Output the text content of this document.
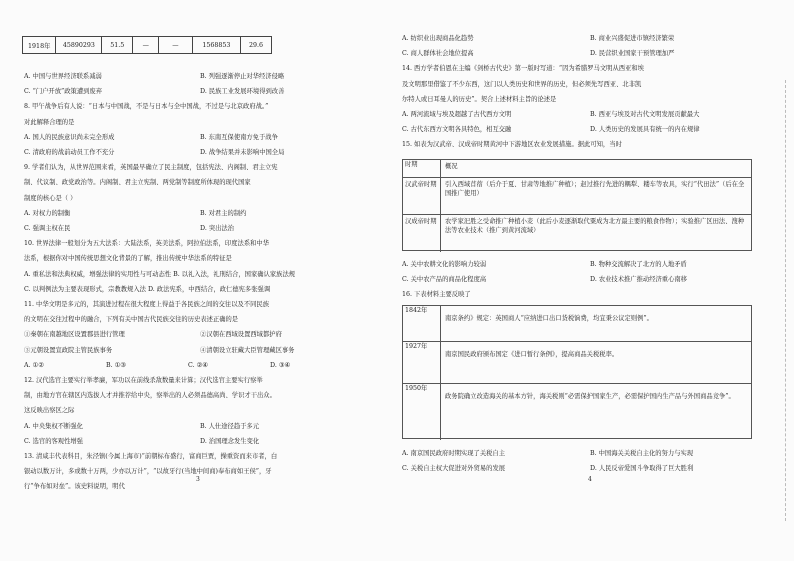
1918年	45890293	51.5	—	—	1568853	29.6
A. 中国与世界经济联系减弱	B. 列强逐渐停止对华经济侵略
C. “门户开放”政策遭到废弃	D. 民族工业发展环境得到改善
8. 甲午战争后有人说：“日本与中国战，不是与日本与全中国战，不过是与北京政府战。”
对此解释合理的是
A. 国人的民族意识尚未完全形成	B. 东南互保使南方免于战争
C. 清政府的战前动员工作不充分	D. 战争结果并未影响中国全局
9. 学者们认为，从世界范围来看，英国最早确立了民主制度，包括宪法、内阁制、君主立宪
制、代议制、政党政治等。内阁制、君主立宪制、两党制等制度所体现的现代国家
制度的核心是（ ）
A. 对权力的制衡	B. 对君主的制约
C. 强调主权在民	D. 突出法治
10. 世界法律一般划分为五大法系：大陆法系，英美法系，阿拉伯法系，印度法系和中华
法系，根据你对中国传统思想文化背景的了解，推出传统中华法系的特征是
A. 重私法和法典权威，增强法律的实用性与可动态性 B. 以礼入法，礼刑结合，国家确认家族法规
C. 以判例法为主要表现形式，宗教教规入法 D. 政法宪系，中西结合，政仁德宪多张强调
11. 中华文明是多元的，其演进过程在很大程度上得益于各民族之间的交往以及不同民族
的文明在交往过程中的融合，下列有关中国古代民族交往的历史表述正确的是
①秦朝在南越地区设置郡县进行管理	②汉朝在西域设置西域都护府
③元朝设置宣政院主管民族事务	④清朝设立驻藏大臣管理藏区事务
A. ①②	B. ①③	C. ②④	D. ③④
12. 汉代选官主要实行举孝廉，军功以在前线杀敌数量来计算；汉代选官主要实行察举
制，由地方官在辖区内选拔人才并推荐给中央，察举出的人必须品德高尚、学识才干出众。
这反映出察区之际
A. 中央集权不断强化	B. 人仕途径趋于多元
C. 选官的客观性增强	D. 治国理念发生变化
13. 清咸丰代表科目，朱泾镇(今属上海市)“前朝标布盛行，富商巨贾，操重资而来市者，白
银动以数万计，多或数十万两，少亦以万计”，“以故牙行(当地中间商)奉布商如王侯”，牙
行“争布如对垒”。该史料说明，明代
A. 纺织业出现商品化趋势	B. 商业兴盛促进市镇经济繁荣
C. 商人群体社会地位提高	D. 民营织业国家干预管理加严
14. 西方学者伯恩在主编《剑桥古代史》第一版时写道：“因为希腊罗马文明从西亚和埃
及文明那里借鉴了不少东西，这门以人类历史和世界的历史，但必须先写西亚、北非凯
尔特人或日耳曼人的历史”。契合上述材料主旨的论述是
A. 两河流域与埃及超越了古代西方文明	B. 西亚与埃及对古代文明发展贡献最大
C. 古代东西方文明各具特色，相互交融	D. 人类历史的发展具有统一的内在规律
15. 如表为汉武帝、汉成帝时期黄河中下游地区农业发展措施。据此可知，当时
时期	概况
汉武帝时期	引入西域苜蓿（后介于夏、甘肃等地推广种植）；赵过推行先进的耦犁、耧车等农具，实行“代田法”（后在全国推广使用）
汉成帝时期	农学家汜胜之受命推广种植小麦（此后小麦逐渐取代粟成为北方最主要的粮食作物）；实验推广区田法、溲种法等农业技术（推广到黄河流域）
A. 关中农耕文化的影响力较弱	B. 物种交流解决了北方的人地矛盾
C. 关中农产品的商品化程度高	D. 农业技术推广推动经济重心南移
16. 下表材料主要反映了
1842年
南京条约》规定：英国商人“应纳进口出口货税饷费，均宜秉公议定则例”。
1927年
南京国民政府颁布国定《进口暂行条例》，提高商品关税税率。
1950年
政务院确立改造海关的基本方针，海关税则“必需保护国家生产，必需保护国内生产品与外国商品竞争”。
A. 南京国民政府时期实现了关税自主	B. 中国海关关税自主化的努力与实现
C. 关税自主权大促进对外贸易的发展	D. 人民反帝爱国斗争取得了巨大胜利
3	4
